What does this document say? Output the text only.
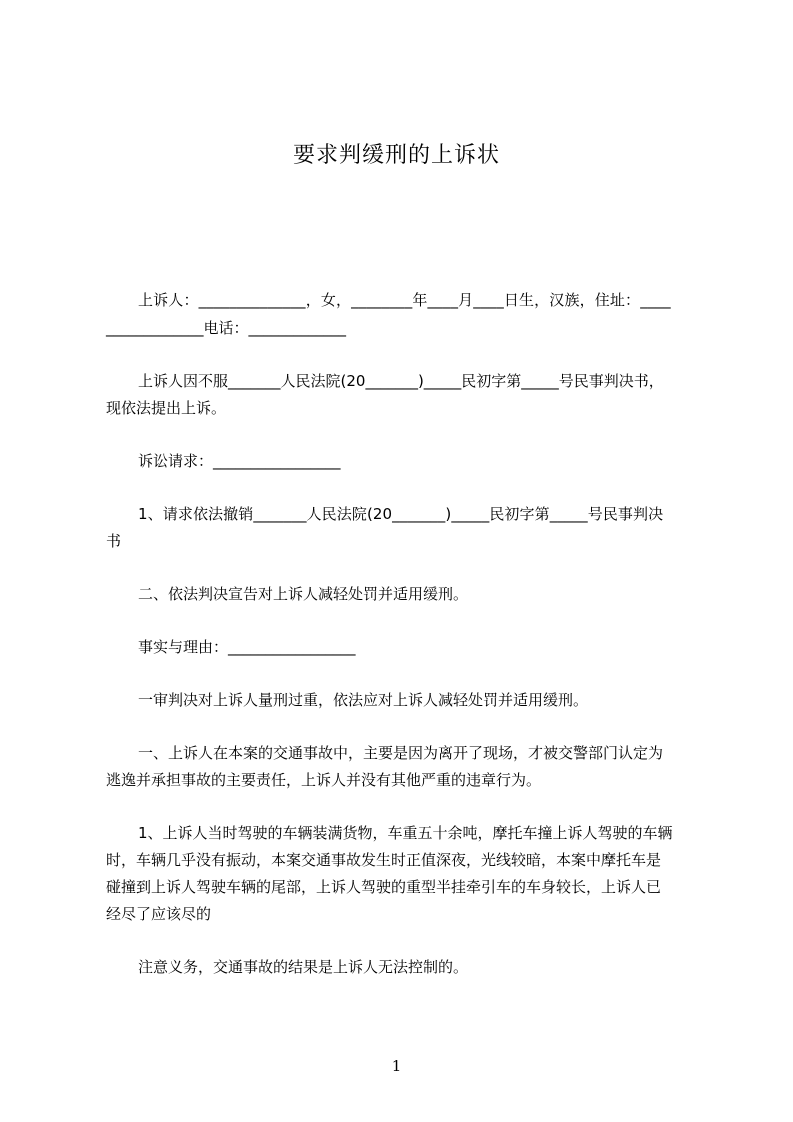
要求判缓刑的上诉状
上诉人：______________，女，________年____月____日生，汉族，住址：____
_____________电话：_____________
上诉人因不服_______人民法院(20_______)_____民初字第_____号民事判决书，
现依法提出上诉。
诉讼请求：_________________
1、请求依法撤销_______人民法院(20_______)_____民初字第_____号民事判决
书
二、依法判决宣告对上诉人减轻处罚并适用缓刑。
事实与理由：_________________
一审判决对上诉人量刑过重，依法应对上诉人减轻处罚并适用缓刑。
一、上诉人在本案的交通事故中，主要是因为离开了现场，才被交警部门认定为
逃逸并承担事故的主要责任，上诉人并没有其他严重的违章行为。
1、上诉人当时驾驶的车辆装满货物，车重五十余吨，摩托车撞上诉人驾驶的车辆
时，车辆几乎没有振动，本案交通事故发生时正值深夜，光线较暗，本案中摩托车是
碰撞到上诉人驾驶车辆的尾部，上诉人驾驶的重型半挂牵引车的车身较长，上诉人已
经尽了应该尽的
注意义务，交通事故的结果是上诉人无法控制的。
1
